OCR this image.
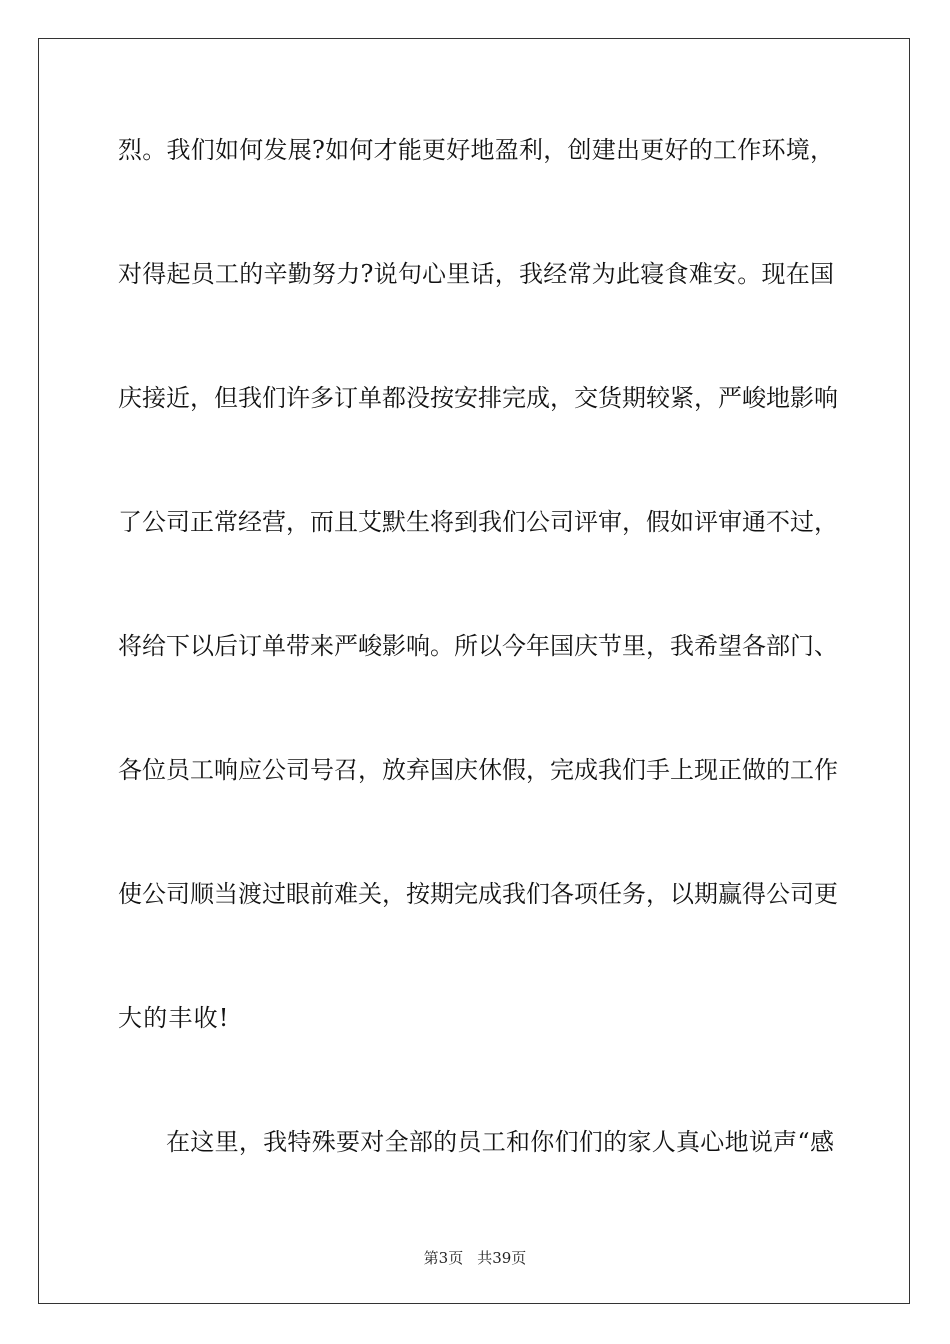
烈。我们如何发展?如何才能更好地盈利，创建出更好的工作环境，
对得起员工的辛勤努力?说句心里话，我经常为此寝食难安。现在国
庆接近，但我们许多订单都没按安排完成，交货期较紧，严峻地影响
了公司正常经营，而且艾默生将到我们公司评审，假如评审通不过，
将给下以后订单带来严峻影响。所以今年国庆节里，我希望各部门、
各位员工响应公司号召，放弃国庆休假，完成我们手上现正做的工作
使公司顺当渡过眼前难关，按期完成我们各项任务，以期赢得公司更
大的丰收!
在这里，我特殊要对全部的员工和你们们的家人真心地说声“感
第3页 共39页
